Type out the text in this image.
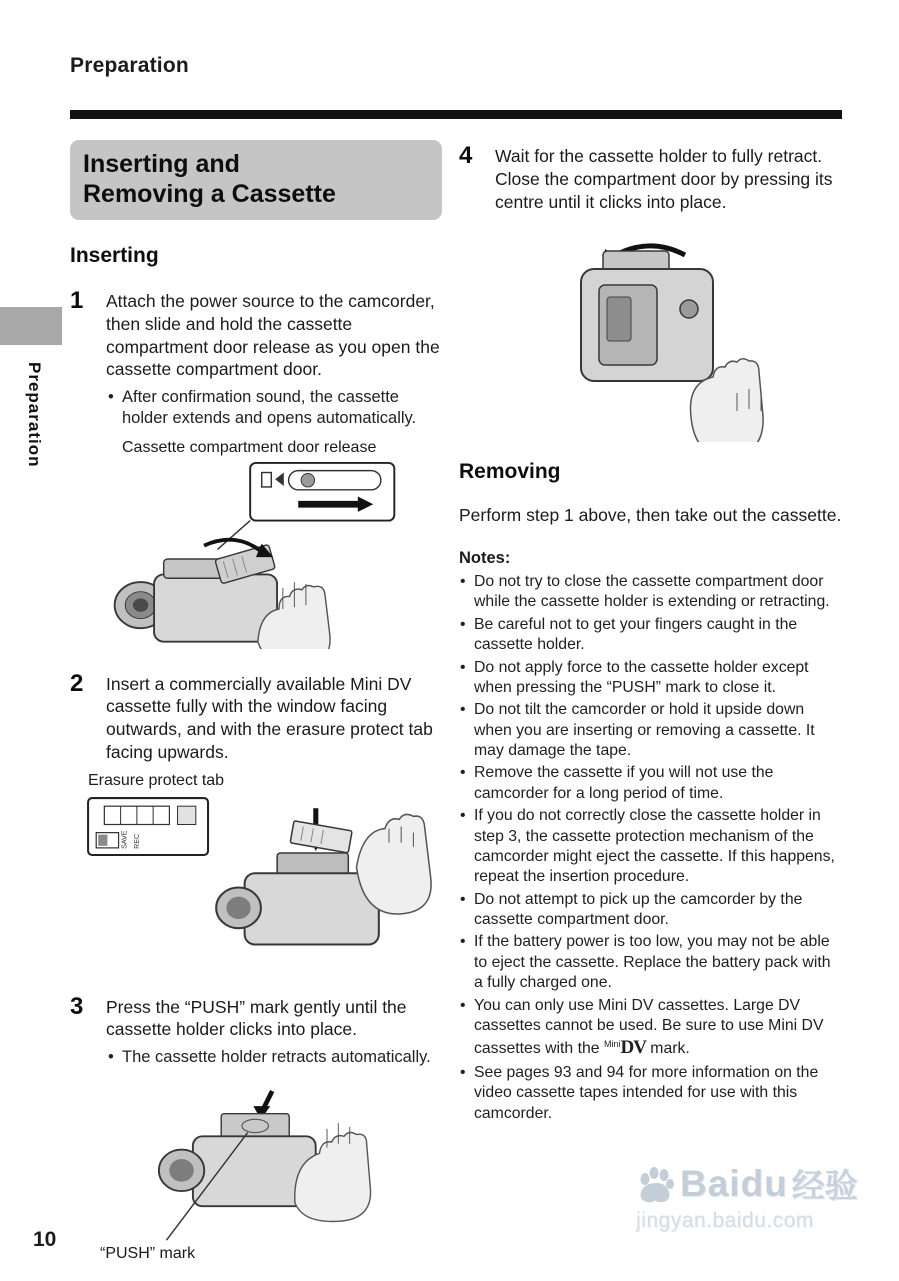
Preparation
Preparation
10
Inserting and
Removing a Cassette
Inserting
1	Attach the power source to the camcorder, then slide and hold the cassette compartment door release as you open the cassette compartment door.

• After confirmation sound, the cassette holder extends and opens automatically.

Cassette compartment door release

2	Insert a commercially available Mini DV cassette fully with the window facing outwards, and with the erasure protect tab facing upwards.

Erasure protect tab

SAVE REC
3	Press the “PUSH” mark gently until the cassette holder clicks into place.

• The cassette holder retracts automatically.

“PUSH” mark

4	Wait for the cassette holder to fully retract. Close the compartment door by pressing its centre until it clicks into place.

Removing

Perform step 1 above, then take out the cassette.

Notes:

• Do not try to close the cassette compartment door while the cassette holder is extending or retracting.
• Be careful not to get your fingers caught in the cassette holder.
• Do not apply force to the cassette holder except when pressing the “PUSH” mark to close it.
• Do not tilt the camcorder or hold it upside down when you are inserting or removing a cassette. It may damage the tape.
• Remove the cassette if you will not use the camcorder for a long period of time.
• If you do not correctly close the cassette holder in step 3, the cassette protection mechanism of the camcorder might eject the cassette. If this happens, repeat the insertion procedure.
• Do not attempt to pick up the camcorder by the cassette compartment door.
• If the battery power is too low, you may not be able to eject the cassette. Replace the battery pack with a fully charged one.
• You can only use Mini DV cassettes. Large DV cassettes cannot be used. Be sure to use Mini DV cassettes with the $^{Mini}$DV mark.
• See pages 93 and 94 for more information on the video cassette tapes intended for use with this camcorder.
Baidu 经验
jingyan.baidu.com
